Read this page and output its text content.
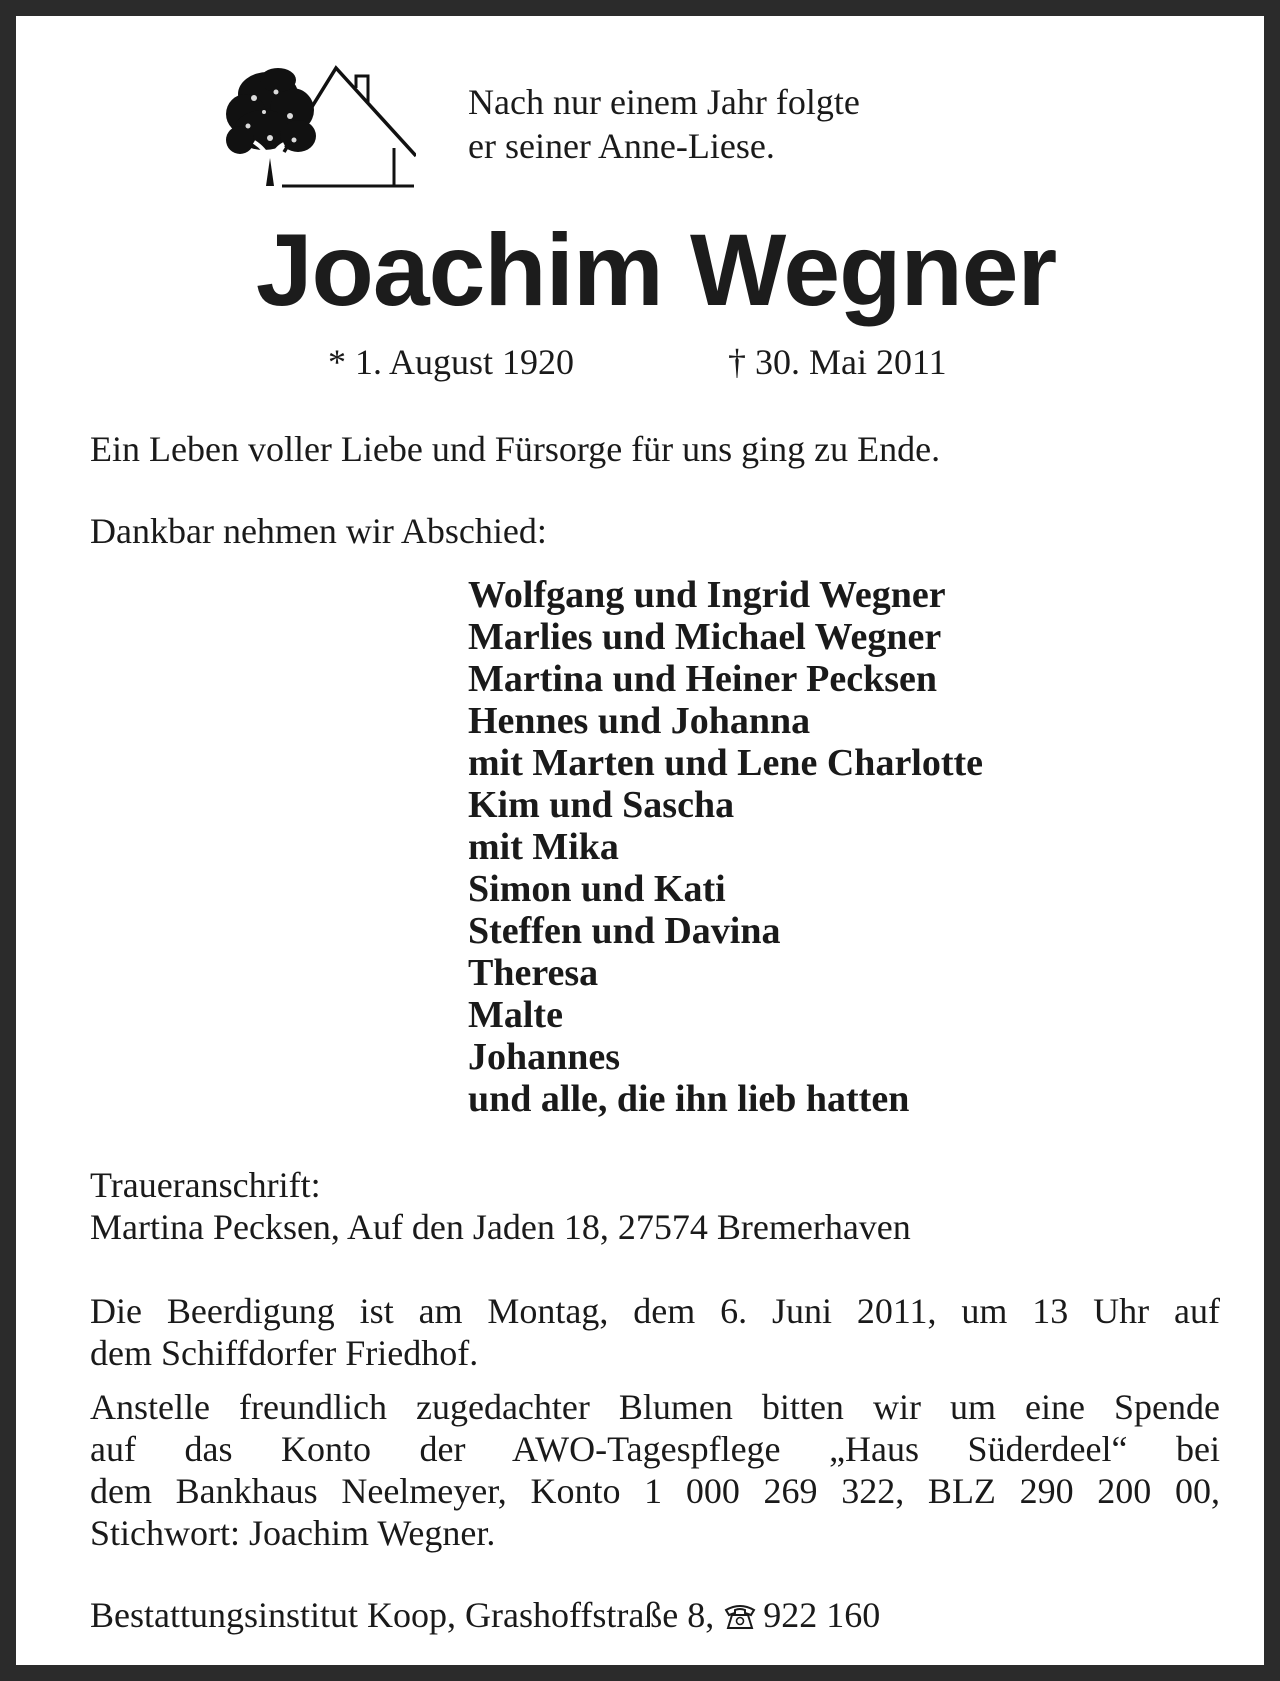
Nach nur einem Jahr folgte
er seiner Anne-Liese.
Joachim Wegner
* 1. August 1920	† 30. Mai 2011
Ein Leben voller Liebe und Fürsorge für uns ging zu Ende.
Dankbar nehmen wir Abschied:
Wolfgang und Ingrid Wegner
Marlies und Michael Wegner
Martina und Heiner Pecksen
Hennes und Johanna
mit Marten und Lene Charlotte
Kim und Sascha
mit Mika
Simon und Kati
Steffen und Davina
Theresa
Malte
Johannes
und alle, die ihn lieb hatten
Traueranschrift:
Martina Pecksen, Auf den Jaden 18, 27574 Bremerhaven
Die Beerdigung ist am Montag, dem 6. Juni 2011, um 13 Uhr auf
dem Schiffdorfer Friedhof.
Anstelle freundlich zugedachter Blumen bitten wir um eine Spende
auf das Konto der AWO-Tagespflege „Haus Süderdeel“ bei
dem Bankhaus Neelmeyer, Konto 1 000 269 322, BLZ 290 200 00,
Stichwort: Joachim Wegner.
Bestattungsinstitut Koop, Grashoffstraße 8, 922 160
